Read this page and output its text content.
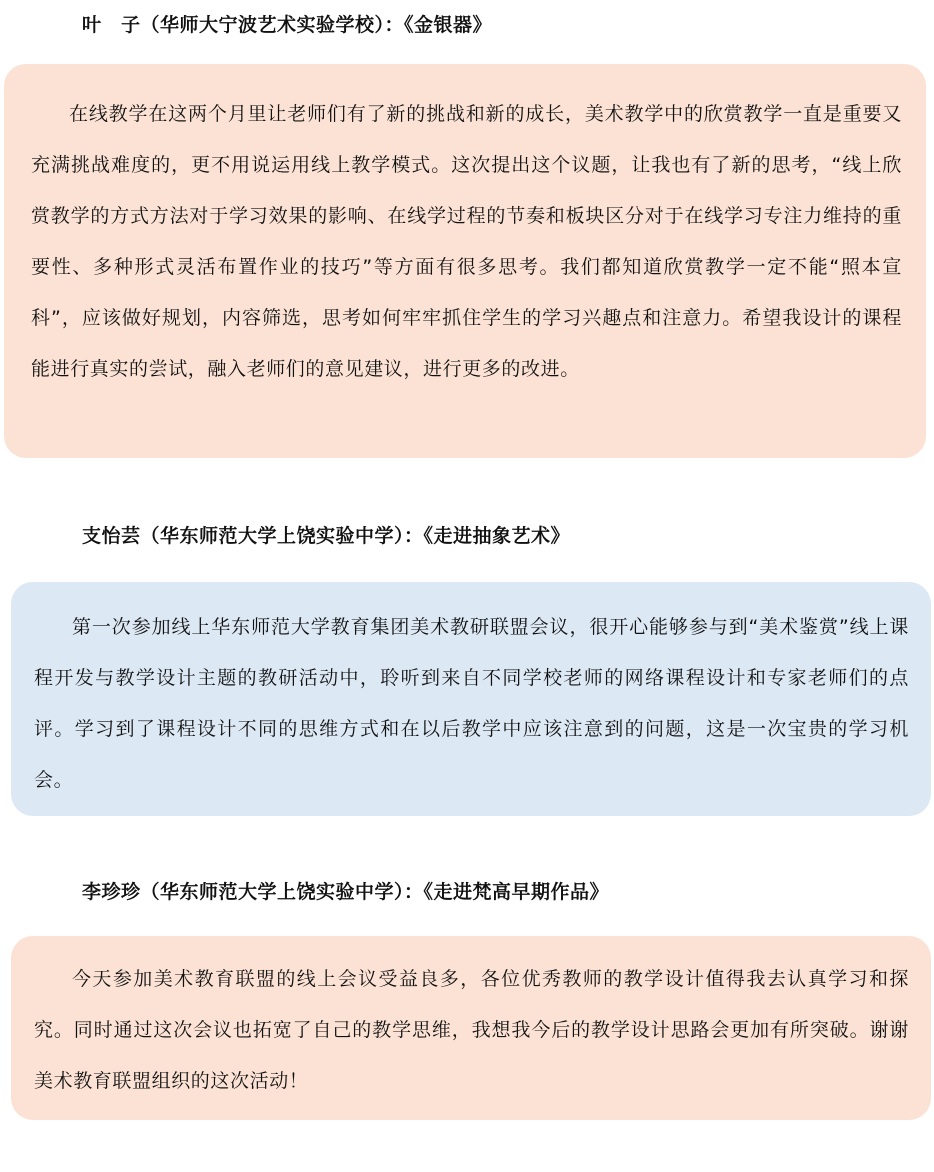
叶　子（华师大宁波艺术实验学校）：《金银器》

在线教学在这两个月里让老师们有了新的挑战和新的成长，美术教学中的欣赏教学一直是重要又充满挑战难度的，更不用说运用线上教学模式。这次提出这个议题，让我也有了新的思考，“线上欣赏教学的方式方法对于学习效果的影响、在线学过程的节奏和板块区分对于在线学习专注力维持的重要性、多种形式灵活布置作业的技巧”等方面有很多思考。我们都知道欣赏教学一定不能“照本宣科”，应该做好规划，内容筛选，思考如何牢牢抓住学生的学习兴趣点和注意力。希望我设计的课程能进行真实的尝试，融入老师们的意见建议，进行更多的改进。

支怡芸（华东师范大学上饶实验中学）：《走进抽象艺术》

第一次参加线上华东师范大学教育集团美术教研联盟会议，很开心能够参与到“美术鉴赏”线上课程开发与教学设计主题的教研活动中，聆听到来自不同学校老师的网络课程设计和专家老师们的点评。学习到了课程设计不同的思维方式和在以后教学中应该注意到的问题，这是一次宝贵的学习机会。

李珍珍（华东师范大学上饶实验中学）：《走进梵高早期作品》

今天参加美术教育联盟的线上会议受益良多，各位优秀教师的教学设计值得我去认真学习和探究。同时通过这次会议也拓宽了自己的教学思维，我想我今后的教学设计思路会更加有所突破。谢谢美术教育联盟组织的这次活动！
